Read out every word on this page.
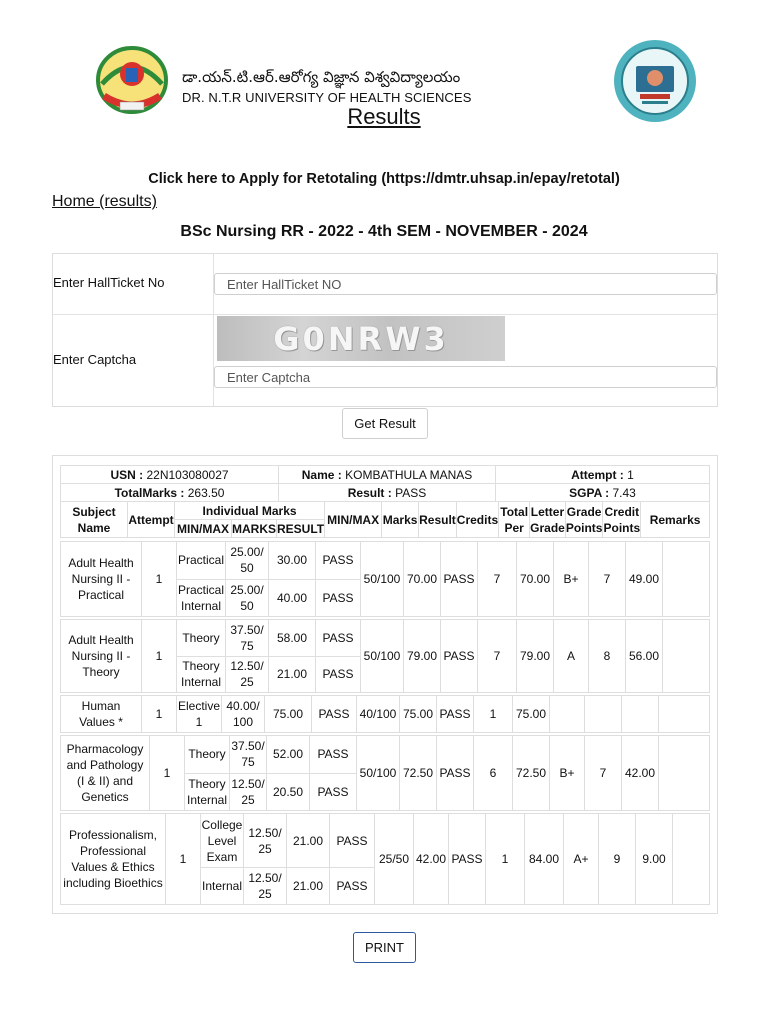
డా.యన్.టి.ఆర్.ఆరోగ్య విజ్ఞాన విశ్వవిద్యాలయం
DR. N.T.R UNIVERSITY OF HEALTH SCIENCES
Results
Click here to Apply for Retotaling (https://dmtr.uhsap.in/epay/retotal)
Home (results)
BSc Nursing RR - 2022 - 4th SEM - NOVEMBER - 2024
Enter HallTicket No
Enter HallTicket NO
Enter Captcha
G0NRW3
Enter Captcha
Get Result
USN : 22N103080027	Name : KOMBATHULA MANAS	Attempt : 1
TotalMarks : 263.50	Result : PASS	SGPA : 7.43
Subject Name	Attempt	Individual Marks			MIN/MAX	Marks	Result	Credits	Total Per	Letter Grade	Grade Points	Credit Points	Remarks
		MIN/MAX	MARKS	RESULT									
Adult Health Nursing II - Practical	1	Practical	25.00/ 50	30.00	PASS	50/100	70.00	PASS	7	70.00	B+	7	49.00	
		Practical Internal	25.00/ 50	40.00	PASS									
Adult Health Nursing II - Theory	1	Theory	37.50/ 75	58.00	PASS	50/100	79.00	PASS	7	79.00	A	8	56.00	
		Theory Internal	12.50/ 25	21.00	PASS									
Human Values *	1	Elective 1	40.00/ 100	75.00	PASS	40/100	75.00	PASS	1	75.00				
Pharmacology and Pathology (I & II) and Genetics	1	Theory	37.50/ 75	52.00	PASS	50/100	72.50	PASS	6	72.50	B+	7	42.00	
		Theory Internal	12.50/ 25	20.50	PASS									
Professionalism, Professional Values & Ethics including Bioethics	1	College Level Exam	12.50/ 25	21.00	PASS	25/50	42.00	PASS	1	84.00	A+	9	9.00	
		Internal	12.50/ 25	21.00	PASS									
PRINT
